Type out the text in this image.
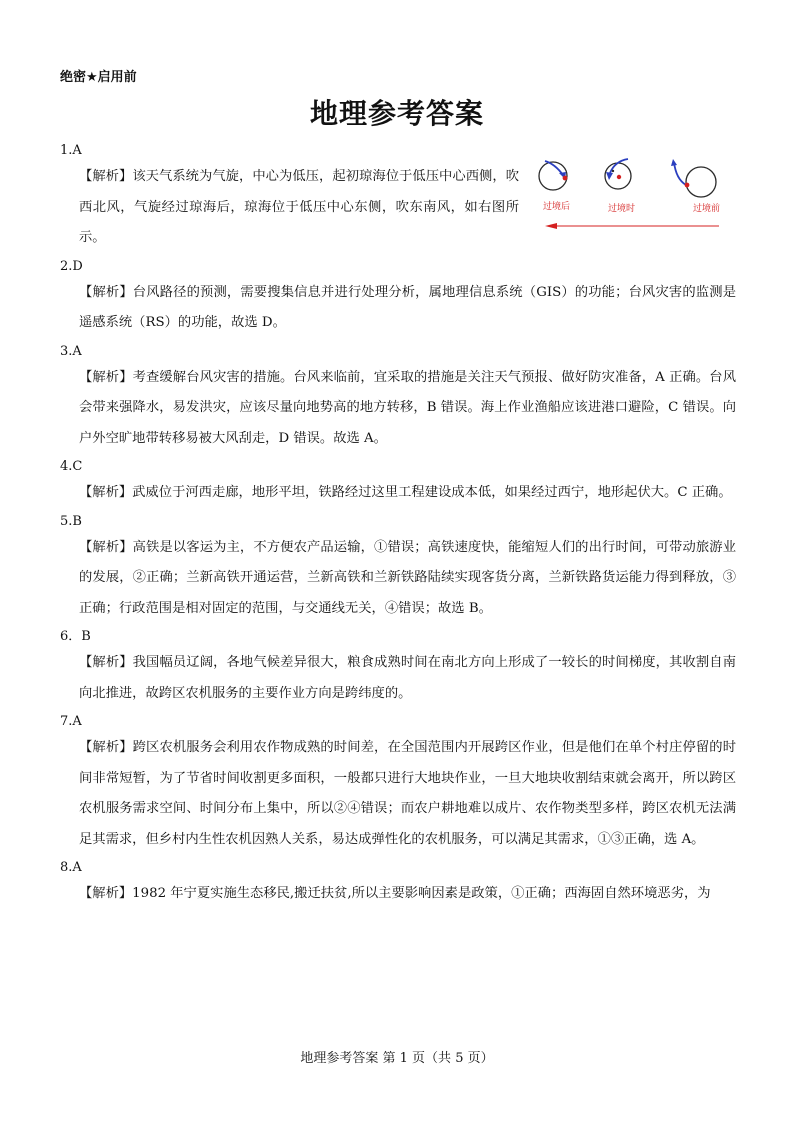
绝密★启用前
地理参考答案
过境后	过境时	过境前
1.A
【解析】该天气系统为气旋，中心为低压，起初琼海位于低压中心西侧，吹西北风，气旋经过琼海后，琼海位于低压中心东侧，吹东南风，如右图所示。
2.D
【解析】台风路径的预测，需要搜集信息并进行处理分析，属地理信息系统（GIS）的功能；台风灾害的监测是遥感系统（RS）的功能，故选 D。
3.A
【解析】考查缓解台风灾害的措施。台风来临前，宜采取的措施是关注天气预报、做好防灾准备，A 正确。台风会带来强降水，易发洪灾，应该尽量向地势高的地方转移，B 错误。海上作业渔船应该进港口避险，C 错误。向户外空旷地带转移易被大风刮走，D 错误。故选 A。
4.C
【解析】武威位于河西走廊，地形平坦，铁路经过这里工程建设成本低，如果经过西宁，地形起伏大。C 正确。
5.B
【解析】高铁是以客运为主，不方便农产品运输，①错误；高铁速度快，能缩短人们的出行时间，可带动旅游业的发展，②正确；兰新高铁开通运营，兰新高铁和兰新铁路陆续实现客货分离，兰新铁路货运能力得到释放，③正确；行政范围是相对固定的范围，与交通线无关，④错误；故选 B。
6．B
【解析】我国幅员辽阔，各地气候差异很大，粮食成熟时间在南北方向上形成了一较长的时间梯度，其收割自南向北推进，故跨区农机服务的主要作业方向是跨纬度的。
7.A
【解析】跨区农机服务会利用农作物成熟的时间差，在全国范围内开展跨区作业，但是他们在单个村庄停留的时间非常短暂，为了节省时间收割更多面积，一般都只进行大地块作业，一旦大地块收割结束就会离开，所以跨区农机服务需求空间、时间分布上集中，所以②④错误；而农户耕地难以成片、农作物类型多样，跨区农机无法满足其需求，但乡村内生性农机因熟人关系，易达成弹性化的农机服务，可以满足其需求，①③正确，选 A。
8.A
【解析】1982 年宁夏实施生态移民,搬迁扶贫,所以主要影响因素是政策，①正确；西海固自然环境恶劣，为
地理参考答案 第 1 页（共 5 页）
